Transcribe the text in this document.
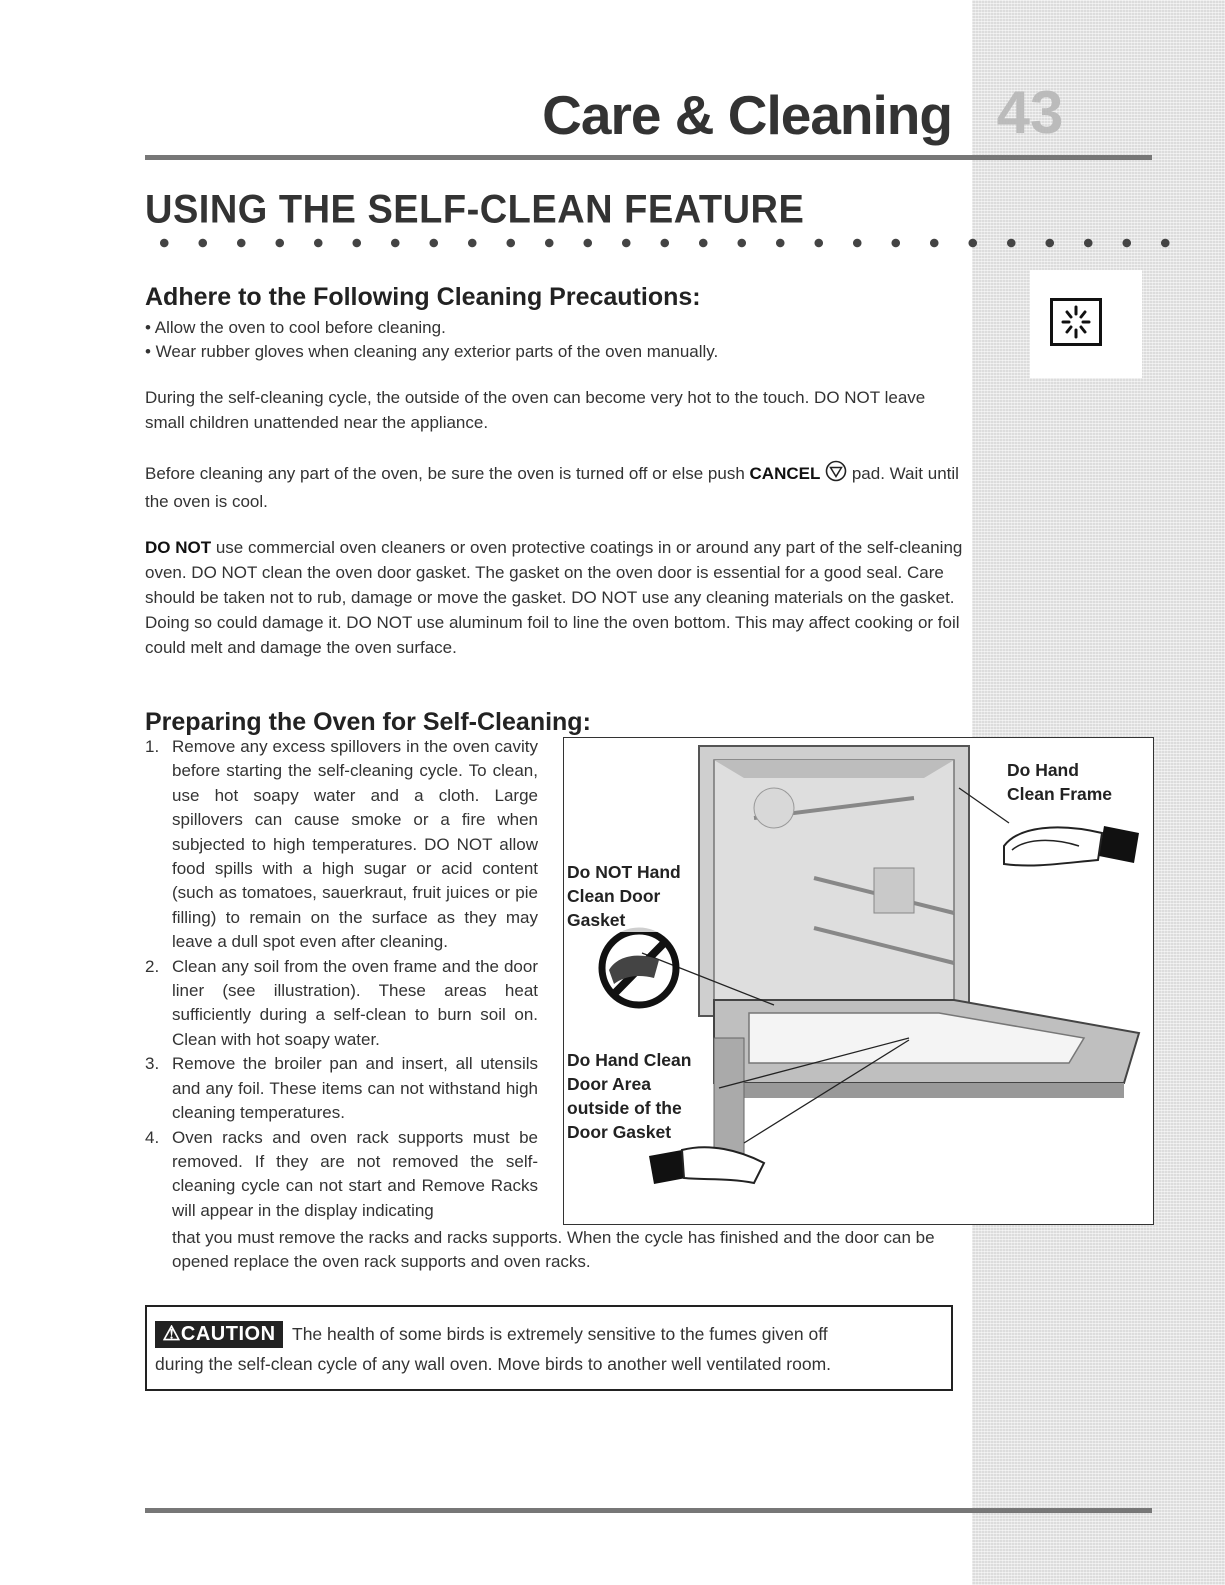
Care & Cleaning 43
USING THE SELF-CLEAN FEATURE
Adhere to the Following Cleaning Precautions:

• Allow the oven to cool before cleaning.

• Wear rubber gloves when cleaning any exterior parts of the oven manually.

During the self-cleaning cycle, the outside of the oven can become very hot to the touch. DO NOT leave small children unattended near the appliance.

Before cleaning any part of the oven, be sure the oven is turned off or else push CANCEL  pad. Wait until the oven is cool.

DO NOT use commercial oven cleaners or oven protective coatings in or around any part of the self-cleaning oven. DO NOT clean the oven door gasket. The gasket on the oven door is essential for a good seal. Care should be taken not to rub, damage or move the gasket. DO NOT use any cleaning materials on the gasket. Doing so could damage it. DO NOT use aluminum foil to line the oven bottom. This may affect cooking or foil could melt and damage the oven surface.

Preparing the Oven for Self-Cleaning:
1. Remove any excess spillovers in the oven cavity before starting the self-cleaning cycle. To clean, use hot soapy water and a cloth. Large spillovers can cause smoke or a fire when subjected to high temperatures. DO NOT allow food spills with a high sugar or acid content (such as tomatoes, sauerkraut, fruit juices or pie filling) to remain on the surface as they may leave a dull spot even after cleaning.
2. Clean any soil from the oven frame and the door liner (see illustration). These areas heat sufficiently during a self-clean to burn soil on. Clean with hot soapy water.
3. Remove the broiler pan and insert, all utensils and any foil. These items can not withstand high cleaning temperatures.
4. Oven racks and oven rack supports must be removed. If they are not removed the self-cleaning cycle can not start and Remove Racks will appear in the display indicating
that you must remove the racks and racks supports. When the cycle has finished and the door can be opened replace the oven rack supports and oven racks.
Do Hand
Clean Frame
Do NOT Hand
Clean Door
Gasket
Do Hand Clean
Door Area
outside of the
Door Gasket
⚠CAUTION The health of some birds is extremely sensitive to the fumes given off
during the self-clean cycle of any wall oven. Move birds to another well ventilated room.
